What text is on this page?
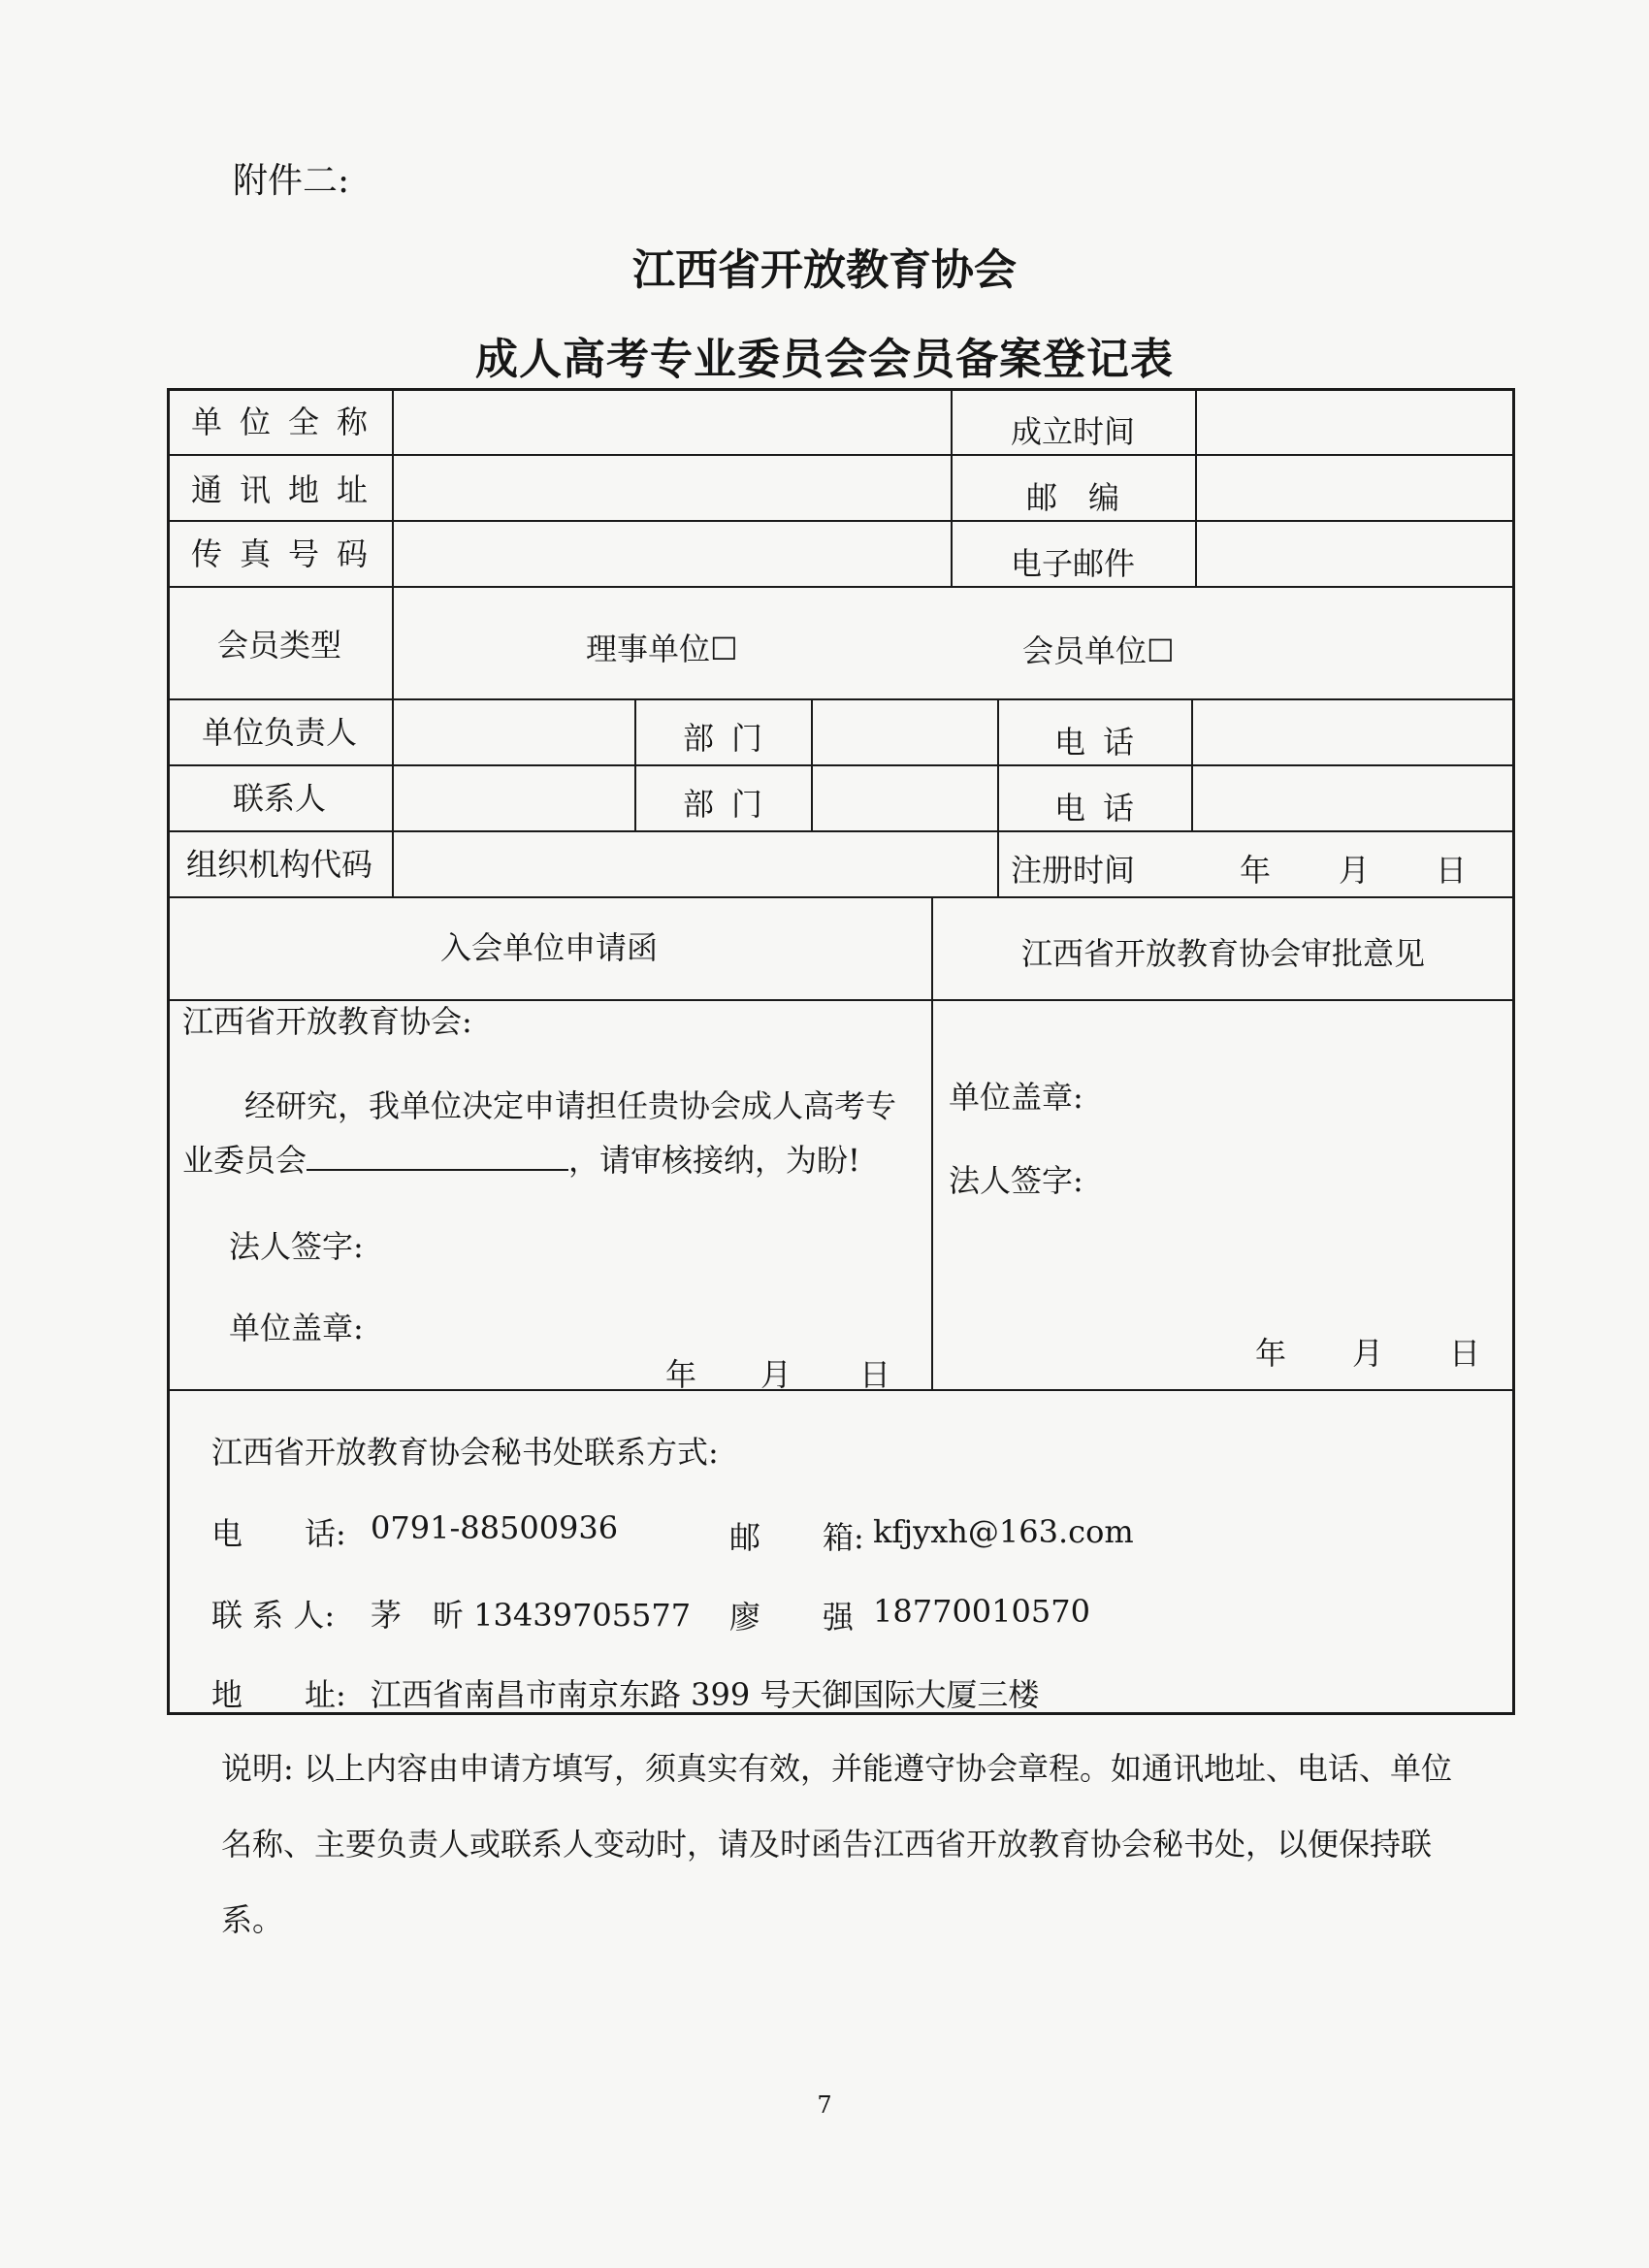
附件二:
江西省开放教育协会
成人高考专业委员会会员备案登记表
单位全称	成立时间
通讯地址	邮　编
传真号码	电子邮件
会员类型	理事单位☐	会员单位☐
单位负责人	部门	电话
联系人	部门	电话
组织机构代码	注册时间	年 月 日
入会单位申请函	江西省开放教育协会审批意见
江西省开放教育协会:
经研究，我单位决定申请担任贵协会成人高考专业委员会	，请审核接纳，为盼!
法人签字:
单位盖章:
年 月 日
单位盖章:
法人签字:
年 月 日
江西省开放教育协会秘书处联系方式:
电　　话: 0791-88500936	邮　　箱: kfjyxh@163.com
联 系 人: 茅　昕 13439705577 廖　　强 18770010570
地　　址: 江西省南昌市南京东路 399 号天御国际大厦三楼
说明: 以上内容由申请方填写，须真实有效，并能遵守协会章程。如通讯地址、电话、单位名称、主要负责人或联系人变动时，请及时函告江西省开放教育协会秘书处，以便保持联系。
7
